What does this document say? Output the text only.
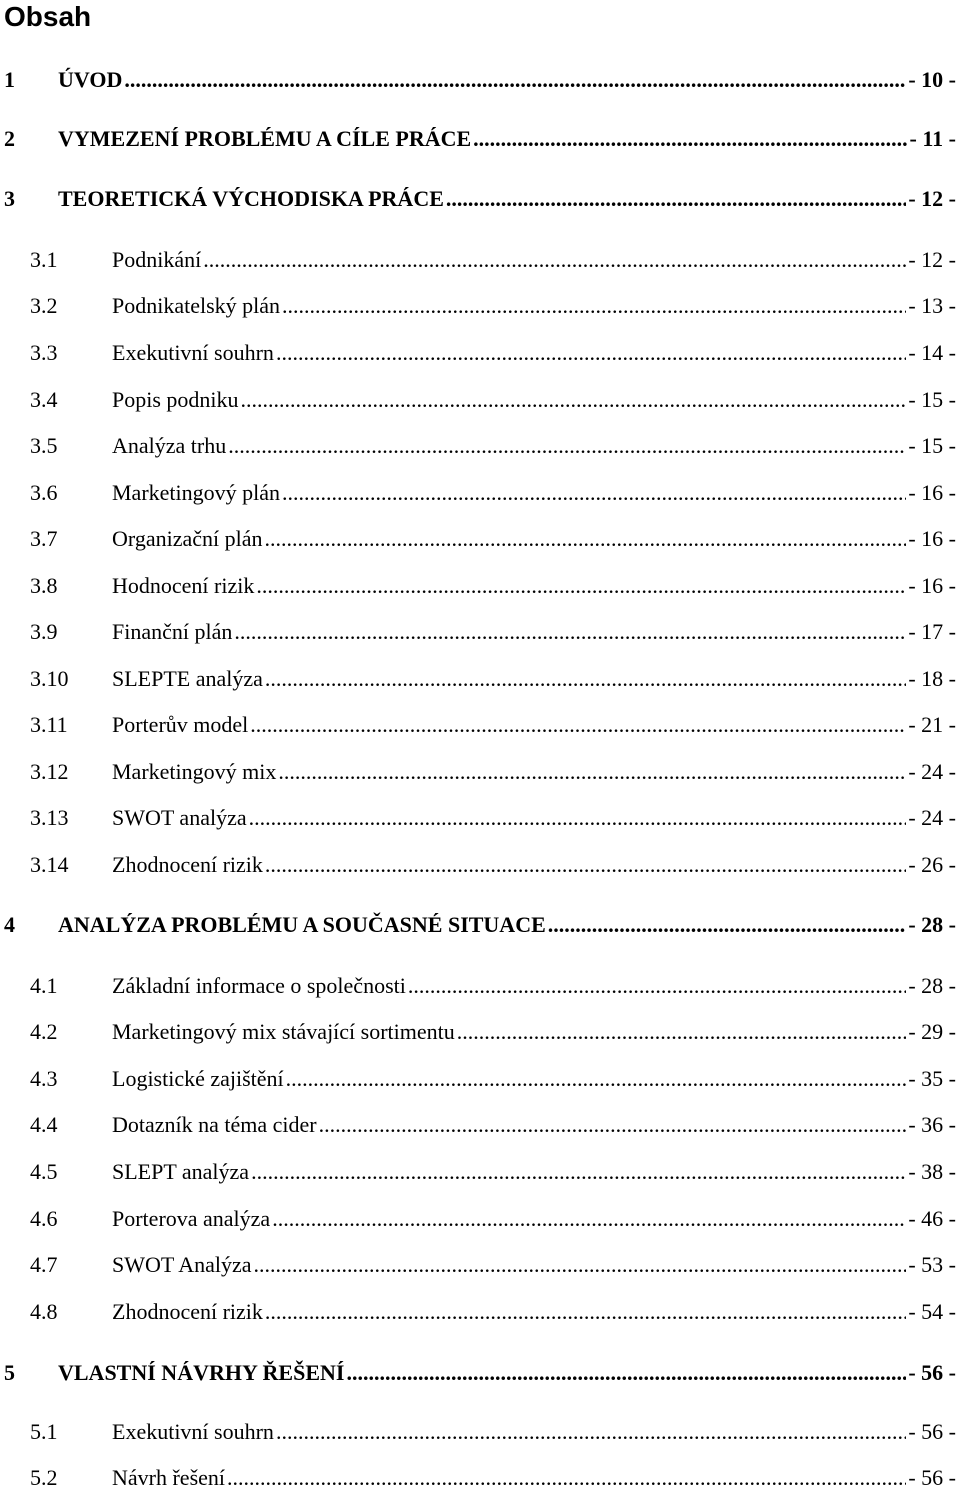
Obsah
1	ÚVOD .....	- 10 -
2	VYMEZENÍ PROBLÉMU A CÍLE PRÁCE .....	- 11 -
3	TEORETICKÁ VÝCHODISKA PRÁCE .....	- 12 -
3.1	Podnikání .....	- 12 -
3.2	Podnikatelský plán .....	- 13 -
3.3	Exekutivní souhrn .....	- 14 -
3.4	Popis podniku .....	- 15 -
3.5	Analýza trhu .....	- 15 -
3.6	Marketingový plán .....	- 16 -
3.7	Organizační plán .....	- 16 -
3.8	Hodnocení rizik .....	- 16 -
3.9	Finanční plán .....	- 17 -
3.10	SLEPTE analýza .....	- 18 -
3.11	Porterův model .....	- 21 -
3.12	Marketingový mix .....	- 24 -
3.13	SWOT analýza .....	- 24 -
3.14	Zhodnocení rizik .....	- 26 -
4	ANALÝZA PROBLÉMU A SOUČASNÉ SITUACE .....	- 28 -
4.1	Základní informace o společnosti .....	- 28 -
4.2	Marketingový mix stávající sortimentu .....	- 29 -
4.3	Logistické zajištění .....	- 35 -
4.4	Dotazník na téma cider .....	- 36 -
4.5	SLEPT analýza .....	- 38 -
4.6	Porterova analýza .....	- 46 -
4.7	SWOT Analýza .....	- 53 -
4.8	Zhodnocení rizik .....	- 54 -
5	VLASTNÍ NÁVRHY ŘEŠENÍ .....	- 56 -
5.1	Exekutivní souhrn .....	- 56 -
5.2	Návrh řešení .....	- 56 -
